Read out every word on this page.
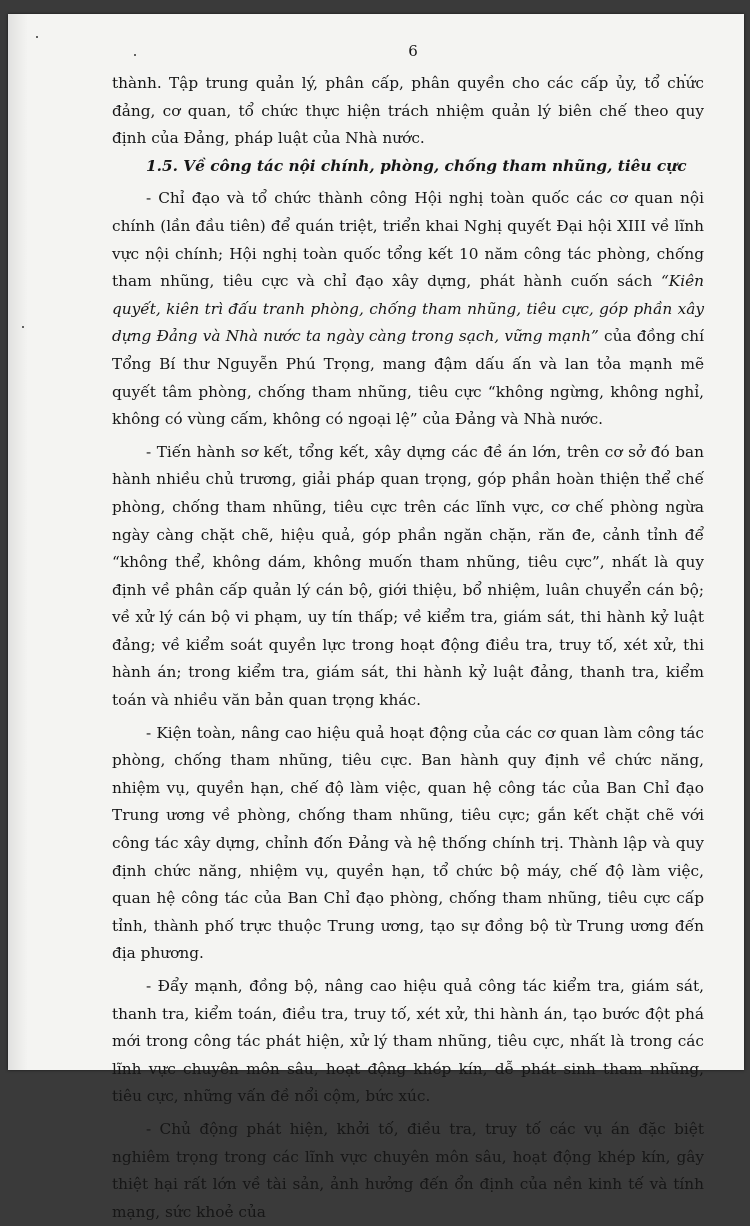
6

thành. Tập trung quản lý, phân cấp, phân quyền cho các cấp ủy, tổ chức đảng, cơ quan, tổ chức thực hiện trách nhiệm quản lý biên chế theo quy định của Đảng, pháp luật của Nhà nước.

1.5. Về công tác nội chính, phòng, chống tham nhũng, tiêu cực

- Chỉ đạo và tổ chức thành công Hội nghị toàn quốc các cơ quan nội chính (lần đầu tiên) để quán triệt, triển khai Nghị quyết Đại hội XIII về lĩnh vực nội chính; Hội nghị toàn quốc tổng kết 10 năm công tác phòng, chống tham nhũng, tiêu cực và chỉ đạo xây dựng, phát hành cuốn sách “Kiên quyết, kiên trì đấu tranh phòng, chống tham nhũng, tiêu cực, góp phần xây dựng Đảng và Nhà nước ta ngày càng trong sạch, vững mạnh” của đồng chí Tổng Bí thư Nguyễn Phú Trọng, mang đậm dấu ấn và lan tỏa mạnh mẽ quyết tâm phòng, chống tham nhũng, tiêu cực “không ngừng, không nghỉ, không có vùng cấm, không có ngoại lệ” của Đảng và Nhà nước.

- Tiến hành sơ kết, tổng kết, xây dựng các đề án lớn, trên cơ sở đó ban hành nhiều chủ trương, giải pháp quan trọng, góp phần hoàn thiện thể chế phòng, chống tham nhũng, tiêu cực trên các lĩnh vực, cơ chế phòng ngừa ngày càng chặt chẽ, hiệu quả, góp phần ngăn chặn, răn đe, cảnh tỉnh để “không thể, không dám, không muốn tham nhũng, tiêu cực”, nhất là quy định về phân cấp quản lý cán bộ, giới thiệu, bổ nhiệm, luân chuyển cán bộ; về xử lý cán bộ vi phạm, uy tín thấp; về kiểm tra, giám sát, thi hành kỷ luật đảng; về kiểm soát quyền lực trong hoạt động điều tra, truy tố, xét xử, thi hành án; trong kiểm tra, giám sát, thi hành kỷ luật đảng, thanh tra, kiểm toán và nhiều văn bản quan trọng khác.

- Kiện toàn, nâng cao hiệu quả hoạt động của các cơ quan làm công tác phòng, chống tham nhũng, tiêu cực. Ban hành quy định về chức năng, nhiệm vụ, quyền hạn, chế độ làm việc, quan hệ công tác của Ban Chỉ đạo Trung ương về phòng, chống tham nhũng, tiêu cực; gắn kết chặt chẽ với công tác xây dựng, chỉnh đốn Đảng và hệ thống chính trị. Thành lập và quy định chức năng, nhiệm vụ, quyền hạn, tổ chức bộ máy, chế độ làm việc, quan hệ công tác của Ban Chỉ đạo phòng, chống tham nhũng, tiêu cực cấp tỉnh, thành phố trực thuộc Trung ương, tạo sự đồng bộ từ Trung ương đến địa phương.

- Đẩy mạnh, đồng bộ, nâng cao hiệu quả công tác kiểm tra, giám sát, thanh tra, kiểm toán, điều tra, truy tố, xét xử, thi hành án, tạo bước đột phá mới trong công tác phát hiện, xử lý tham nhũng, tiêu cực, nhất là trong các lĩnh vực chuyên môn sâu, hoạt động khép kín, dễ phát sinh tham nhũng, tiêu cực, những vấn đề nổi cộm, bức xúc.

- Chủ động phát hiện, khởi tố, điều tra, truy tố các vụ án đặc biệt nghiêm trọng trong các lĩnh vực chuyên môn sâu, hoạt động khép kín, gây thiệt hại rất lớn về tài sản, ảnh hưởng đến ổn định của nền kinh tế và tính mạng, sức khoẻ của
